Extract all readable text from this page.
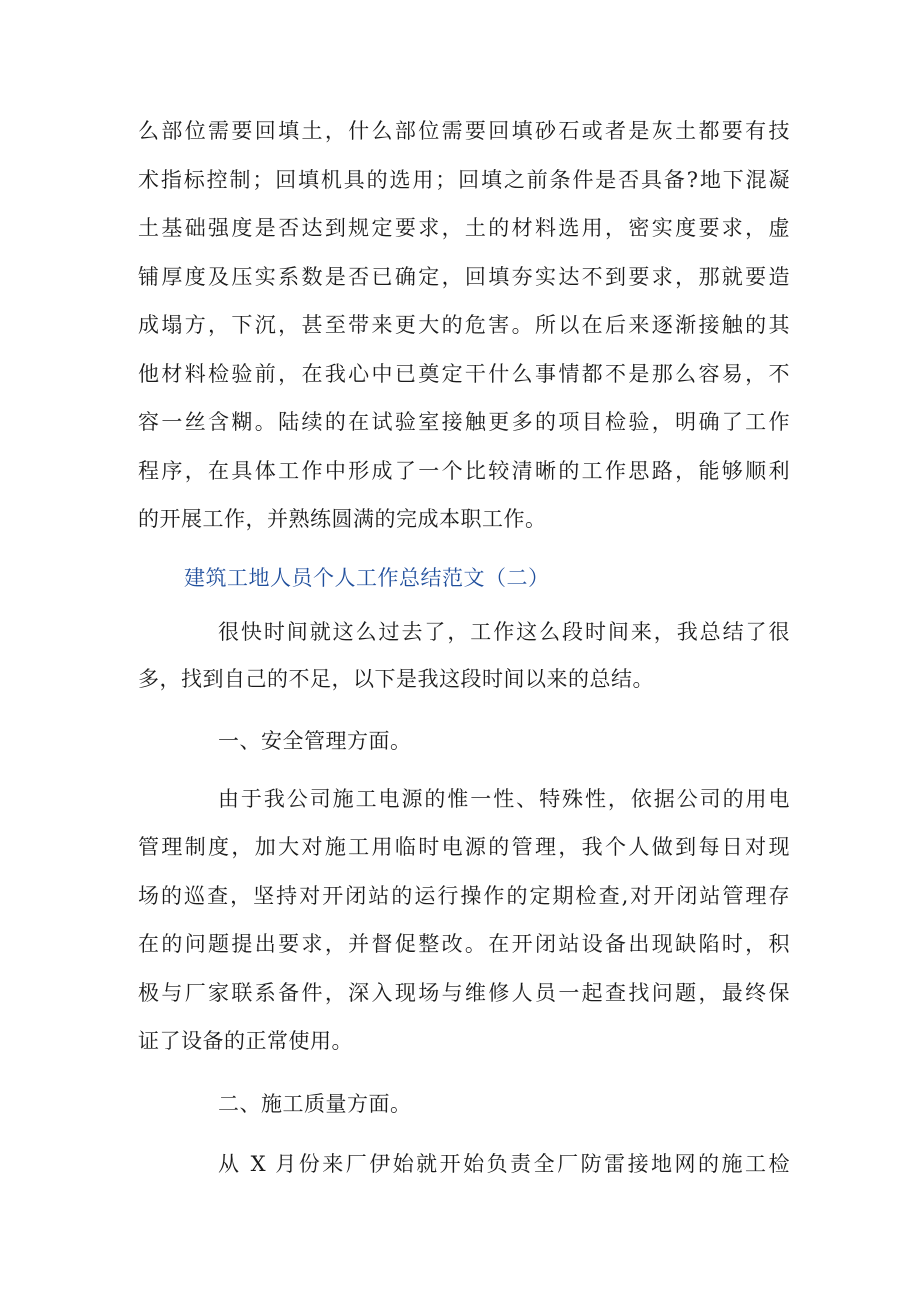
么部位需要回填土，什么部位需要回填砂石或者是灰土都要有技
术指标控制；回填机具的选用；回填之前条件是否具备?地下混凝
土基础强度是否达到规定要求，土的材料选用，密实度要求，虚
铺厚度及压实系数是否已确定，回填夯实达不到要求，那就要造
成塌方，下沉，甚至带来更大的危害。所以在后来逐渐接触的其
他材料检验前，在我心中已奠定干什么事情都不是那么容易，不
容一丝含糊。陆续的在试验室接触更多的项目检验，明确了工作
程序，在具体工作中形成了一个比较清晰的工作思路，能够顺利
的开展工作，并熟练圆满的完成本职工作。
建筑工地人员个人工作总结范文（二）
很快时间就这么过去了，工作这么段时间来，我总结了很
多，找到自己的不足，以下是我这段时间以来的总结。
一、安全管理方面。
由于我公司施工电源的惟一性、特殊性，依据公司的用电
管理制度，加大对施工用临时电源的管理，我个人做到每日对现
场的巡查，坚持对开闭站的运行操作的定期检查,对开闭站管理存
在的问题提出要求，并督促整改。在开闭站设备出现缺陷时，积
极与厂家联系备件，深入现场与维修人员一起查找问题，最终保
证了设备的正常使用。
二、施工质量方面。
从 X 月份来厂伊始就开始负责全厂防雷接地网的施工检
